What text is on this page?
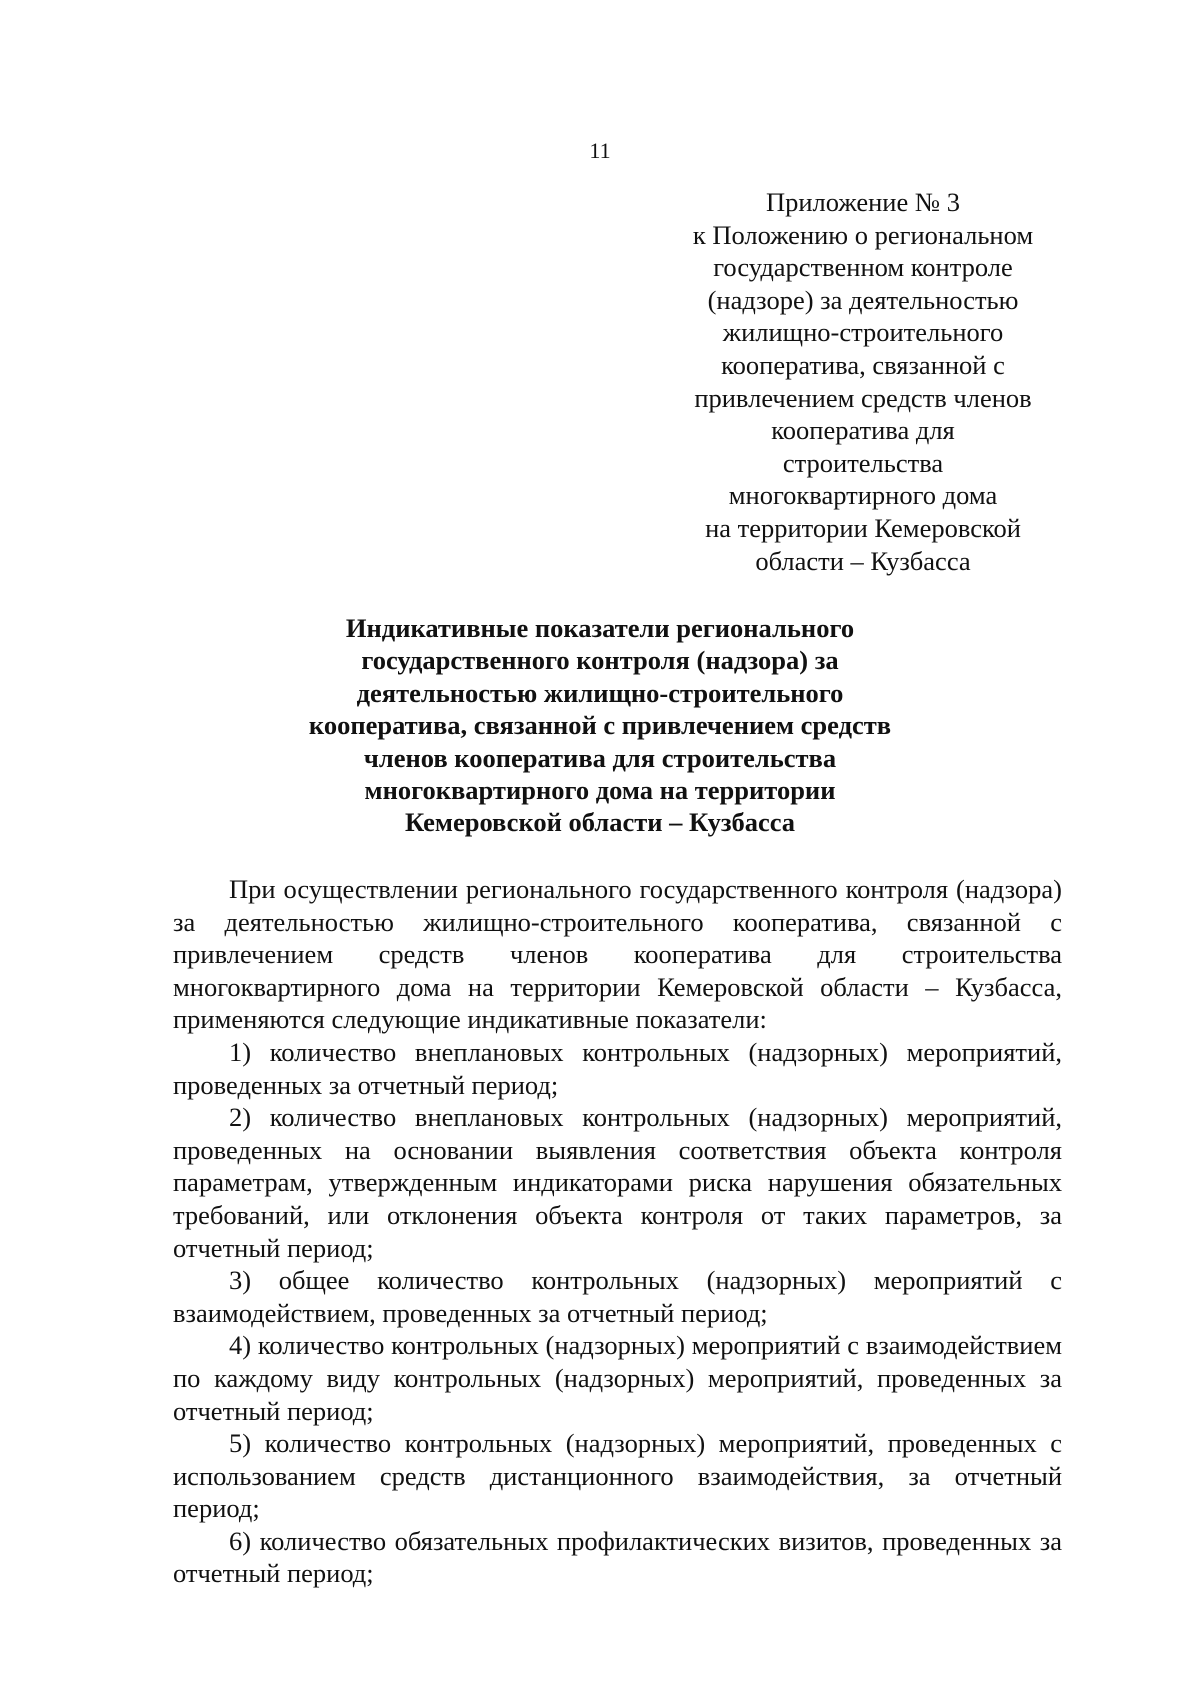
11
Приложение № 3
к Положению о региональном
государственном контроле
(надзоре) за деятельностью
жилищно-строительного
кооператива, связанной с
привлечением средств членов
кооператива для
строительства
многоквартирного дома
на территории Кемеровской
области – Кузбасса
Индикативные показатели регионального
государственного контроля (надзора) за
деятельностью жилищно-строительного
кооператива, связанной с привлечением средств
членов кооператива для строительства
многоквартирного дома на территории
Кемеровской области – Кузбасса

При осуществлении регионального государственного контроля (надзора) за деятельностью жилищно-строительного кооператива, связанной с привлечением средств членов кооператива для строительства многоквартирного дома на территории Кемеровской области – Кузбасса, применяются следующие индикативные показатели:

1) количество внеплановых контрольных (надзорных) мероприятий, проведенных за отчетный период;

2) количество внеплановых контрольных (надзорных) мероприятий, проведенных на основании выявления соответствия объекта контроля параметрам, утвержденным индикаторами риска нарушения обязательных требований, или отклонения объекта контроля от таких параметров, за отчетный период;

3) общее количество контрольных (надзорных) мероприятий с взаимодействием, проведенных за отчетный период;

4) количество контрольных (надзорных) мероприятий с взаимодействием по каждому виду контрольных (надзорных) мероприятий, проведенных за отчетный период;

5) количество контрольных (надзорных) мероприятий, проведенных с использованием средств дистанционного взаимодействия, за отчетный период;

6) количество обязательных профилактических визитов, проведенных за отчетный период;
